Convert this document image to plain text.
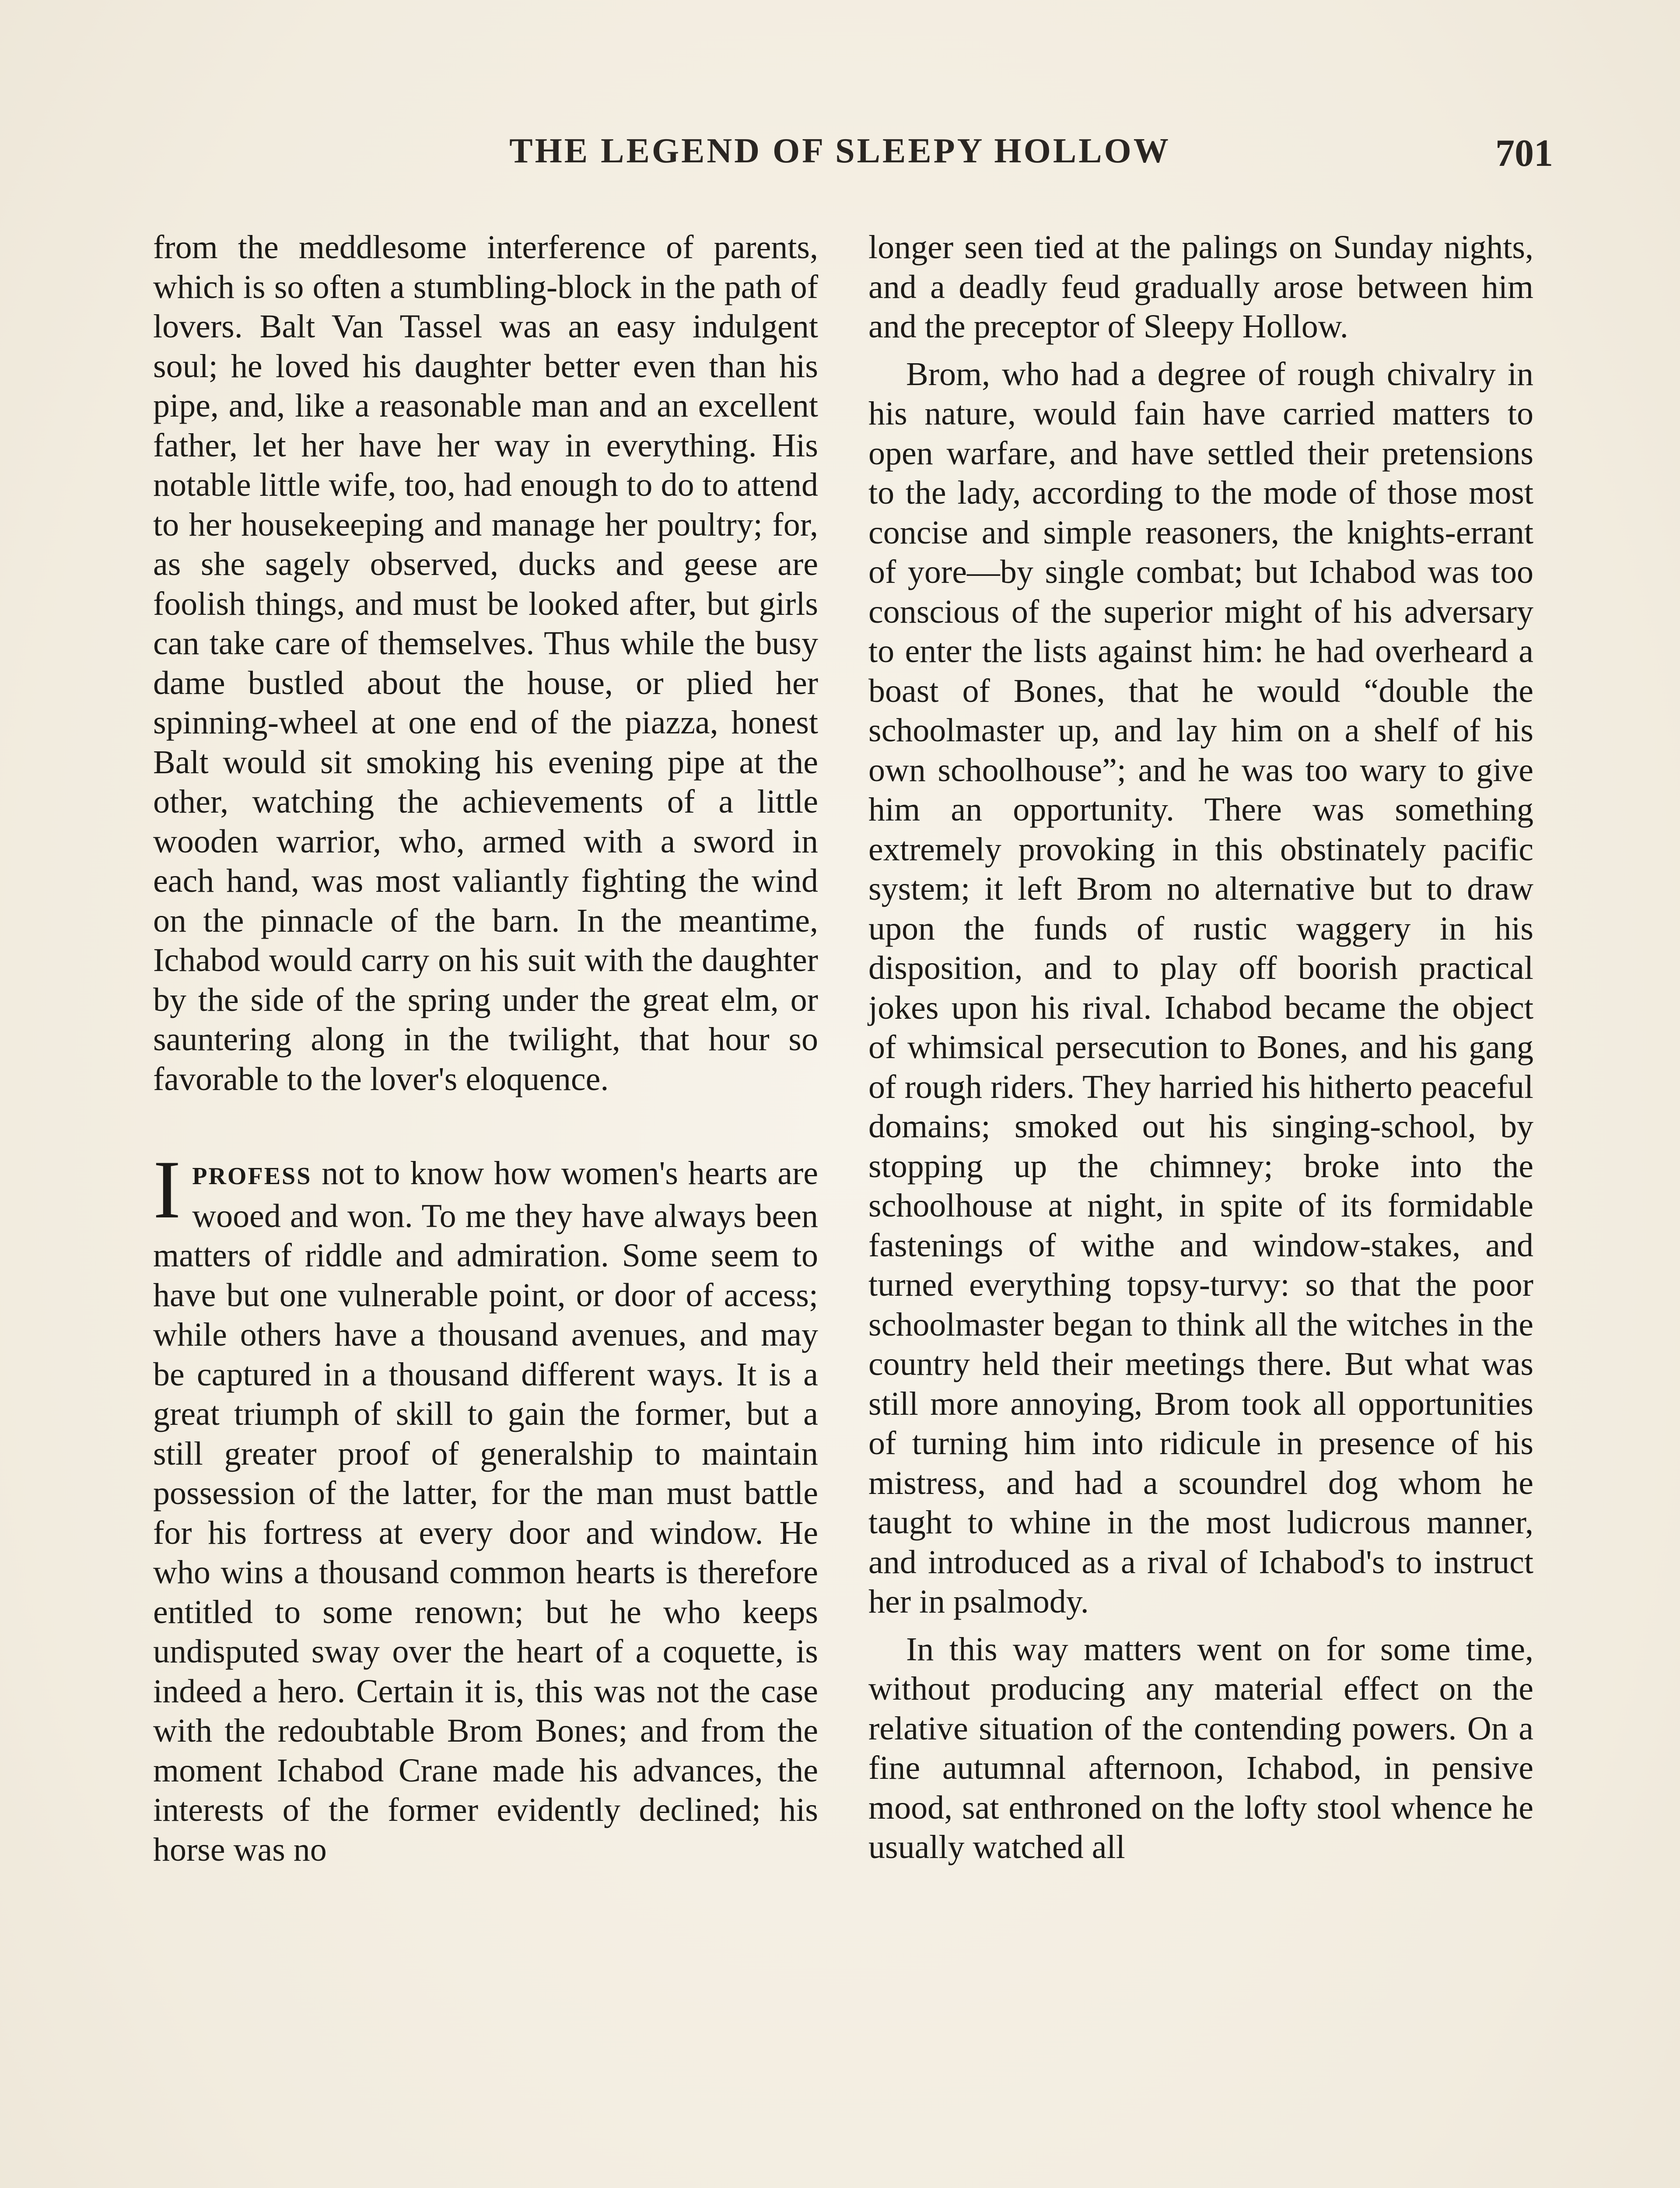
THE LEGEND OF SLEEPY HOLLOW	701

from the meddlesome interference of parents, which is so often a stumbling-block in the path of lovers. Balt Van Tassel was an easy indulgent soul; he loved his daughter better even than his pipe, and, like a reasonable man and an excellent father, let her have her way in everything. His notable little wife, too, had enough to do to attend to her housekeeping and manage her poultry; for, as she sagely observed, ducks and geese are foolish things, and must be looked after, but girls can take care of themselves. Thus while the busy dame bustled about the house, or plied her spinning-wheel at one end of the piazza, honest Balt would sit smoking his evening pipe at the other, watching the achievements of a little wooden warrior, who, armed with a sword in each hand, was most valiantly fighting the wind on the pinnacle of the barn. In the meantime, Ichabod would carry on his suit with the daughter by the side of the spring under the great elm, or sauntering along in the twilight, that hour so favorable to the lover's eloquence.

IPROFESS not to know how women's hearts are wooed and won. To me they have always been matters of riddle and admiration. Some seem to have but one vulnerable point, or door of access; while others have a thousand avenues, and may be captured in a thousand different ways. It is a great triumph of skill to gain the former, but a still greater proof of generalship to maintain possession of the latter, for the man must battle for his fortress at every door and window. He who wins a thousand common hearts is therefore entitled to some renown; but he who keeps undisputed sway over the heart of a coquette, is indeed a hero. Certain it is, this was not the case with the redoubtable Brom Bones; and from the moment Ichabod Crane made his advances, the interests of the former evidently declined; his horse was no

longer seen tied at the palings on Sunday nights, and a deadly feud gradually arose between him and the preceptor of Sleepy Hollow.

Brom, who had a degree of rough chivalry in his nature, would fain have carried matters to open warfare, and have settled their pretensions to the lady, according to the mode of those most concise and simple reasoners, the knights-errant of yore—by single combat; but Ichabod was too conscious of the superior might of his adversary to enter the lists against him: he had overheard a boast of Bones, that he would “double the schoolmaster up, and lay him on a shelf of his own schoolhouse”; and he was too wary to give him an opportunity. There was something extremely provoking in this obstinately pacific system; it left Brom no alternative but to draw upon the funds of rustic waggery in his disposition, and to play off boorish practical jokes upon his rival. Ichabod became the object of whimsical persecution to Bones, and his gang of rough riders. They harried his hitherto peaceful domains; smoked out his singing-school, by stopping up the chimney; broke into the schoolhouse at night, in spite of its formidable fastenings of withe and window-stakes, and turned everything topsy-turvy: so that the poor schoolmaster began to think all the witches in the country held their meetings there. But what was still more annoying, Brom took all opportunities of turning him into ridicule in presence of his mistress, and had a scoundrel dog whom he taught to whine in the most ludicrous manner, and introduced as a rival of Ichabod's to instruct her in psalmody.

In this way matters went on for some time, without producing any material effect on the relative situation of the contending powers. On a fine autumnal afternoon, Ichabod, in pensive mood, sat enthroned on the lofty stool whence he usually watched all
